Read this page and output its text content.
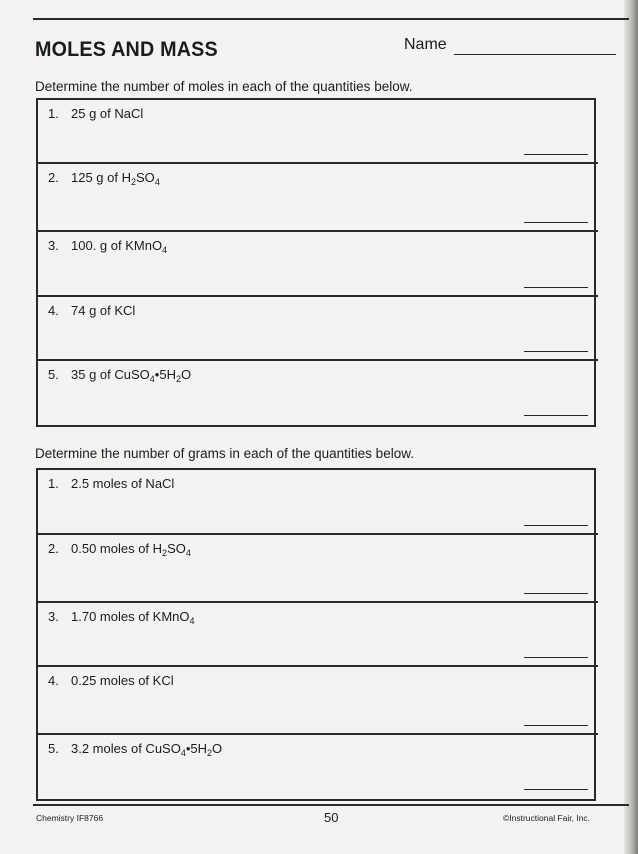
MOLES AND MASS	Name
Determine the number of moles in each of the quantities below.
1. 25 g of NaCl
2. 125 g of $H_2SO_4$
3. 100. g of KMnO$_4$
4. 74 g of KCl
5. 35 g of $CuSO_4•5H_2O$
Determine the number of grams in each of the quantities below.
1. 2.5 moles of NaCl
2. 0.50 moles of $H_2SO_4$
3. 1.70 moles of KMnO$_4$
4. 0.25 moles of KCl
5. 3.2 moles of $CuSO_4•5H_2O$
Chemistry IF8766	50	©Instructional Fair, Inc.
